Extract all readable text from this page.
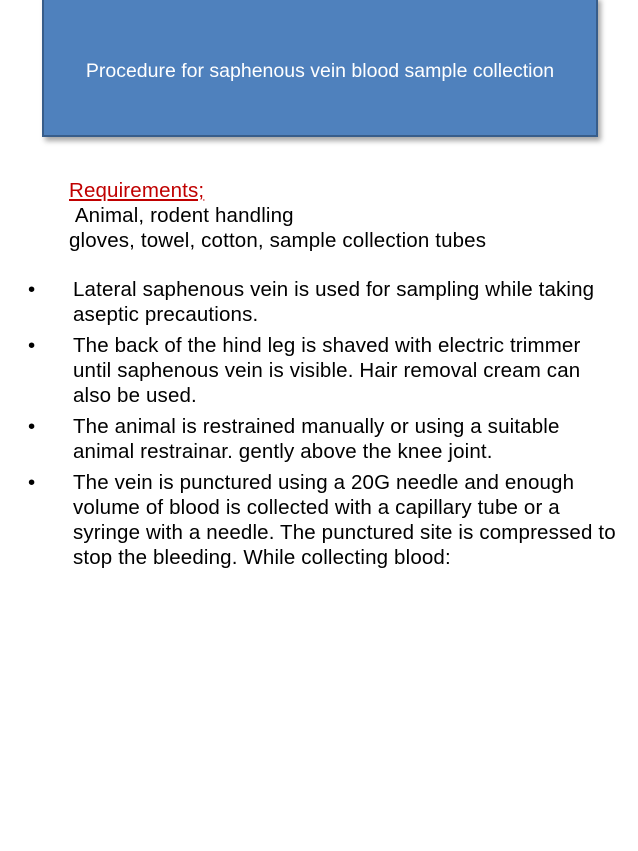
Procedure for saphenous vein blood sample collection
Requirements;
Animal, rodent handling
gloves, towel, cotton, sample collection tubes
•	Lateral saphenous vein is used for sampling while taking aseptic precautions.
•	The back of the hind leg is shaved with electric trimmer until saphenous vein is visible. Hair removal cream can also be used.
•	The animal is restrained manually or using a suitable animal restrainar. gently above the knee joint.
•	The vein is punctured using a 20G needle and enough volume of blood is collected with a capillary tube or a syringe with a needle. The punctured site is compressed to stop the bleeding. While collecting blood:
